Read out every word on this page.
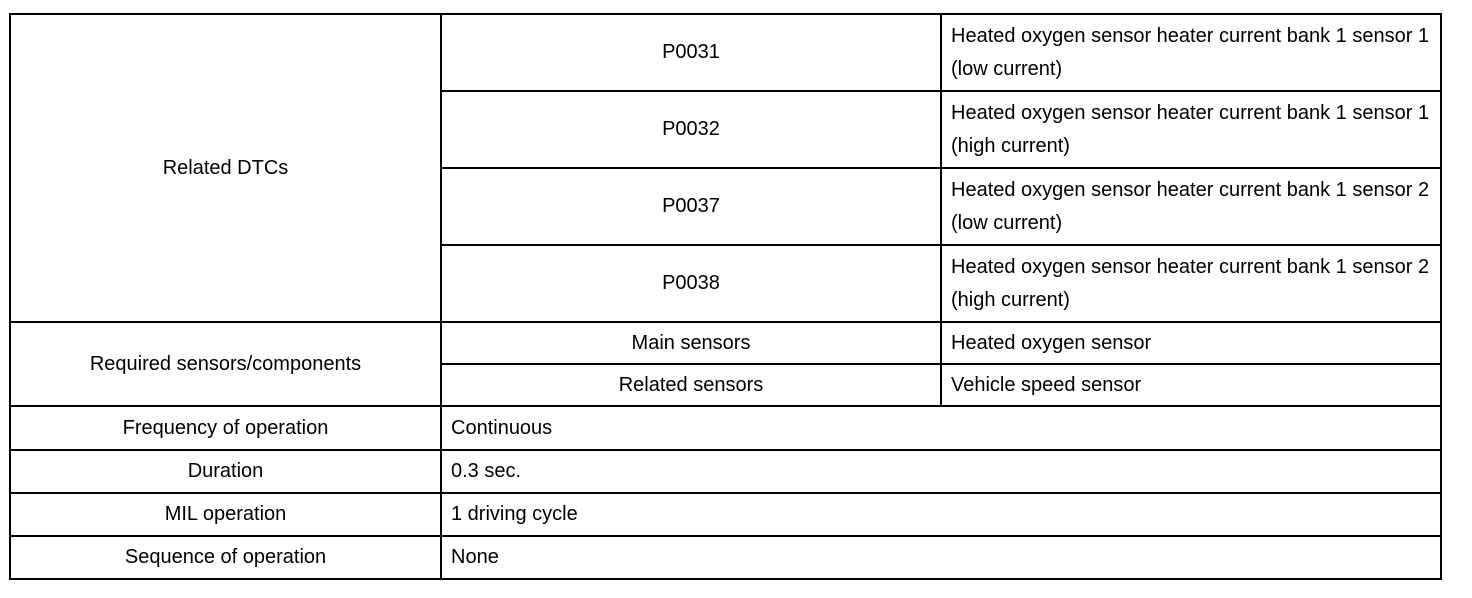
Related DTCs	P0031	Heated oxygen sensor heater current bank 1 sensor 1 (low current)
	P0032	Heated oxygen sensor heater current bank 1 sensor 1 (high current)
	P0037	Heated oxygen sensor heater current bank 1 sensor 2 (low current)
	P0038	Heated oxygen sensor heater current bank 1 sensor 2 (high current)
Required sensors/components	Main sensors	Heated oxygen sensor
	Related sensors	Vehicle speed sensor
Frequency of operation	Continuous	
Duration	0.3 sec.	
MIL operation	1 driving cycle	
Sequence of operation	None	
